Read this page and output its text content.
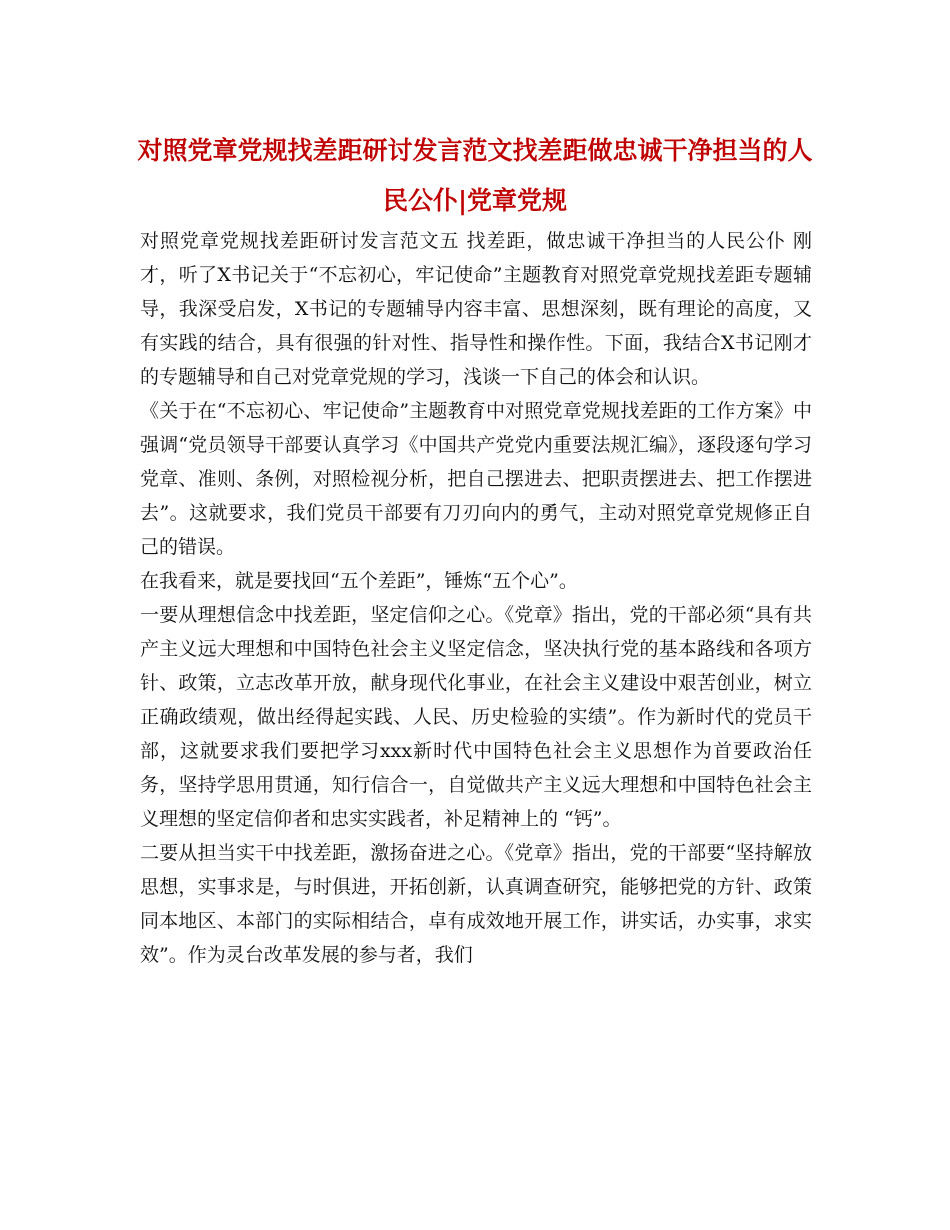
对照党章党规找差距研讨发言范文找差距做忠诚干净担当的人民公仆|党章党规

对照党章党规找差距研讨发言范文五 找差距，做忠诚干净担当的人民公仆 刚才，听了X书记关于“不忘初心，牢记使命”主题教育对照党章党规找差距专题辅导，我深受启发，X书记的专题辅导内容丰富、思想深刻，既有理论的高度，又有实践的结合，具有很强的针对性、指导性和操作性。下面，我结合X书记刚才的专题辅导和自己对党章党规的学习，浅谈一下自己的体会和认识。

《关于在“不忘初心、牢记使命”主题教育中对照党章党规找差距的工作方案》中强调“党员领导干部要认真学习《中国共产党党内重要法规汇编》，逐段逐句学习党章、准则、条例，对照检视分析，把自己摆进去、把职责摆进去、把工作摆进去”。这就要求，我们党员干部要有刀刃向内的勇气，主动对照党章党规修正自己的错误。

在我看来，就是要找回“五个差距”，锤炼“五个心”。

一要从理想信念中找差距，坚定信仰之心。《党章》指出，党的干部必须“具有共产主义远大理想和中国特色社会主义坚定信念，坚决执行党的基本路线和各项方针、政策，立志改革开放，献身现代化事业，在社会主义建设中艰苦创业，树立正确政绩观，做出经得起实践、人民、历史检验的实绩”。作为新时代的党员干部，这就要求我们要把学习xxx新时代中国特色社会主义思想作为首要政治任务，坚持学思用贯通，知行信合一，自觉做共产主义远大理想和中国特色社会主义理想的坚定信仰者和忠实实践者，补足精神上的 “钙”。

二要从担当实干中找差距，激扬奋进之心。《党章》指出，党的干部要“坚持解放思想，实事求是，与时俱进，开拓创新，认真调查研究，能够把党的方针、政策同本地区、本部门的实际相结合，卓有成效地开展工作，讲实话，办实事，求实效”。作为灵台改革发展的参与者，我们
